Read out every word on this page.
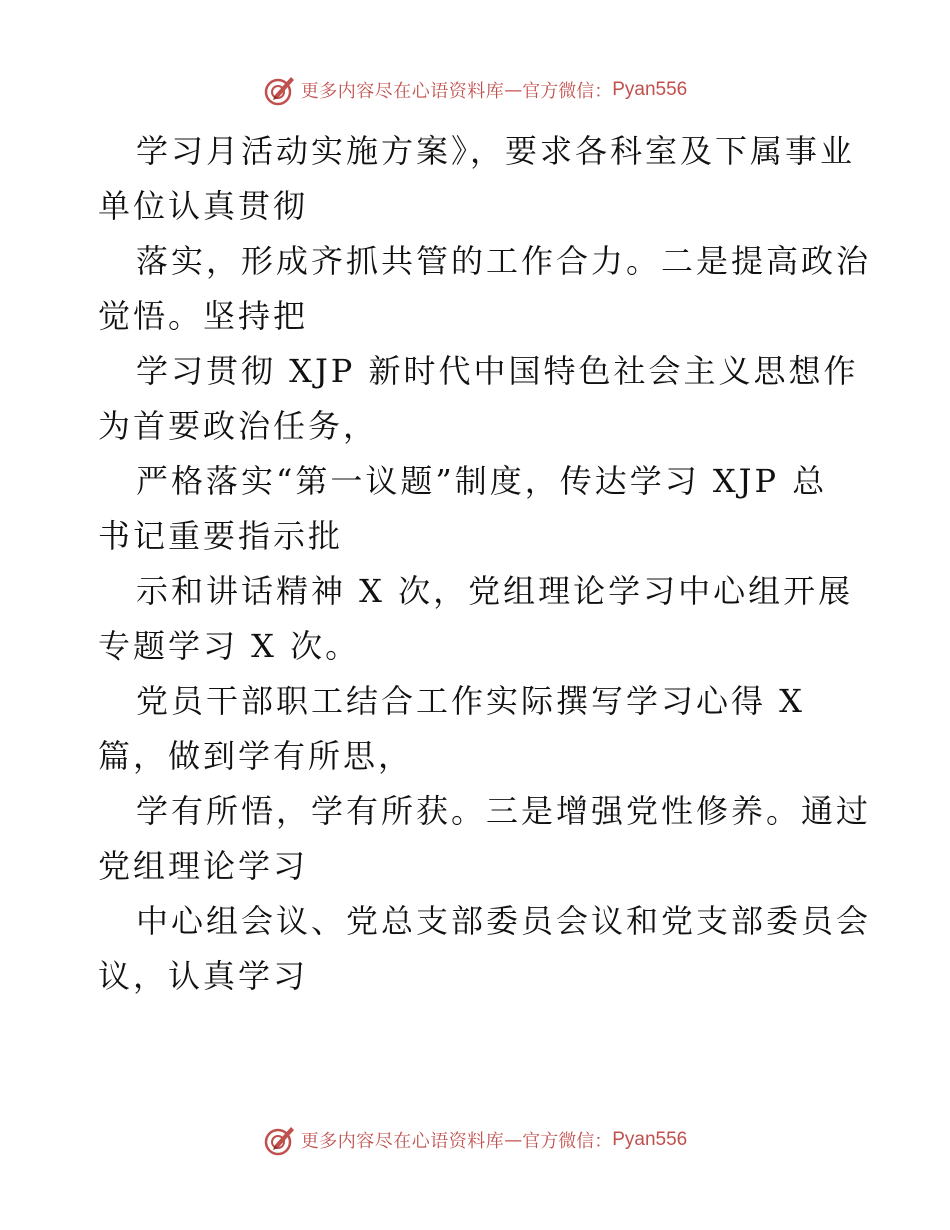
更多内容尽在心语资料库 — 官方微信： Pyan556
学习月活动实施方案》，要求各科室及下属事业
单位认真贯彻
落实，形成齐抓共管的工作合力。二是提高政治
觉悟。坚持把
学习贯彻 XJP 新时代中国特色社会主义思想作
为首要政治任务，
严格落实“第一议题”制度，传达学习 XJP 总
书记重要指示批
示和讲话精神 X 次，党组理论学习中心组开展
专题学习 X 次。
党员干部职工结合工作实际撰写学习心得 X
篇，做到学有所思，
学有所悟，学有所获。三是增强党性修养。通过
党组理论学习
中心组会议、党总支部委员会议和党支部委员会
议，认真学习
更多内容尽在心语资料库 — 官方微信： Pyan556
